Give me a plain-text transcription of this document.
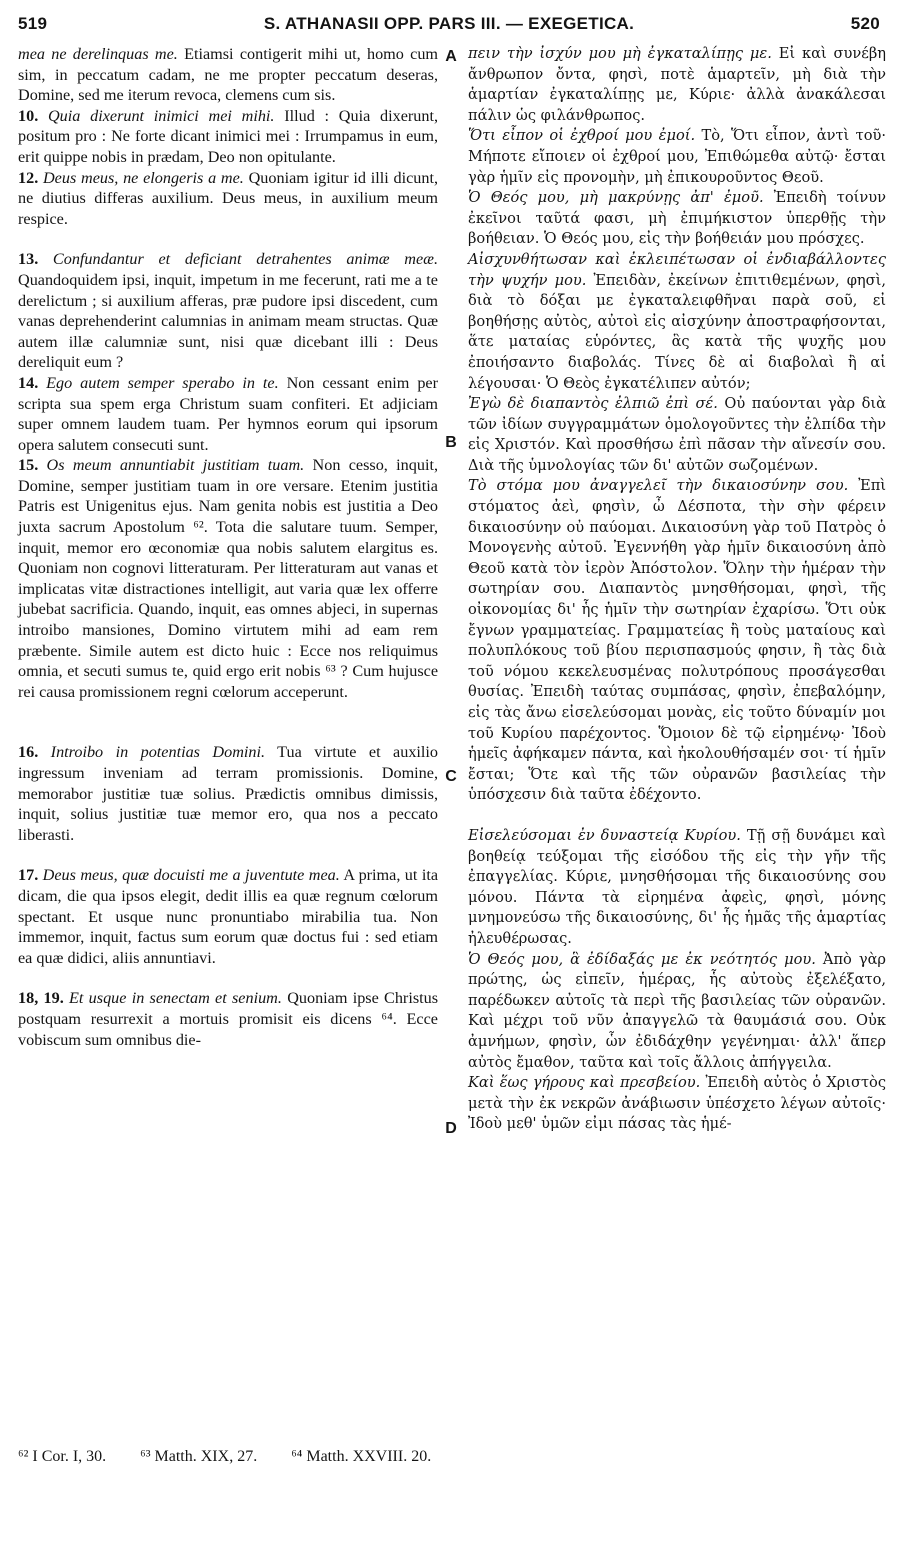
519	S. ATHANASII OPP. PARS III. — EXEGETICA.	520

mea ne derelinquas me. Etiamsi contigerit mihi ut, homo cum sim, in peccatum cadam, ne me propter peccatum deseras, Domine, sed me iterum revoca, clemens cum sis.

10. Quia dixerunt inimici mei mihi. Illud : Quia dixerunt, positum pro : Ne forte dicant inimici mei : Irrumpamus in eum, erit quippe nobis in prædam, Deo non opitulante.

12. Deus meus, ne elongeris a me. Quoniam igitur id illi dicunt, ne diutius differas auxilium. Deus meus, in auxilium meum respice.

13. Confundantur et deficiant detrahentes animæ meæ. Quandoquidem ipsi, inquit, impetum in me fecerunt, rati me a te derelictum ; si auxilium afferas, præ pudore ipsi discedent, cum vanas deprehenderint calumnias in animam meam structas. Quæ autem illæ calumniæ sunt, nisi quæ dicebant illi : Deus dereliquit eum ?

14. Ego autem semper sperabo in te. Non cessant enim per scripta sua spem erga Christum suam confiteri. Et adjiciam super omnem laudem tuam. Per hymnos eorum qui ipsorum opera salutem consecuti sunt.

15. Os meum annuntiabit justitiam tuam. Non cesso, inquit, Domine, semper justitiam tuam in ore versare. Etenim justitia Patris est Unigenitus ejus. Nam genita nobis est justitia a Deo juxta sacrum Apostolum ⁶². Tota die salutare tuum. Semper, inquit, memor ero œconomiæ qua nobis salutem elargitus es. Quoniam non cognovi litteraturam. Per litteraturam aut vanas et implicatas vitæ distractiones intelligit, aut varia quæ lex offerre jubebat sacrificia. Quando, inquit, eas omnes abjeci, in supernas introibo mansiones, Domino virtutem mihi ad eam rem præbente. Simile autem est dicto huic : Ecce nos reliquimus omnia, et secuti sumus te, quid ergo erit nobis ⁶³ ? Cum hujusce rei causa promissionem regni cœlorum acceperunt.

16. Introibo in potentias Domini. Tua virtute et auxilio ingressum inveniam ad terram promissionis. Domine, memorabor justitiæ tuæ solius. Prædictis omnibus dimissis, inquit, solius justitiæ tuæ memor ero, qua nos a peccato liberasti.

17. Deus meus, quæ docuisti me a juventute mea. A prima, ut ita dicam, die qua ipsos elegit, dedit illis ea quæ regnum cœlorum spectant. Et usque nunc pronuntiabo mirabilia tua. Non immemor, inquit, factus sum eorum quæ doctus fui : sed etiam ea quæ didici, aliis annuntiavi.

18, 19. Et usque in senectam et senium. Quoniam ipse Christus postquam resurrexit a mortuis promisit eis dicens ⁶⁴. Ecce vobiscum sum omnibus die-

A
B
C
D

πειν τὴν ἰσχύν μου μὴ ἐγκαταλίπῃς με. Εἰ καὶ συνέβη ἄνθρωπον ὄντα, φησὶ, ποτὲ ἁμαρτεῖν, μὴ διὰ τὴν ἁμαρτίαν ἐγκαταλίπῃς με, Κύριε· ἀλλὰ ἀνακάλεσαι πάλιν ὡς φιλάνθρωπος.

Ὅτι εἶπον οἱ ἐχθροί μου ἐμοί. Τὸ, Ὅτι εἶπον, ἀντὶ τοῦ· Μήποτε εἴποιεν οἱ ἐχθροί μου, Ἐπιθώμεθα αὐτῷ· ἔσται γὰρ ἡμῖν εἰς προνομὴν, μὴ ἐπικουροῦντος Θεοῦ.

Ὁ Θεός μου, μὴ μακρύνῃς ἀπ' ἐμοῦ. Ἐπειδὴ τοίνυν ἐκεῖνοι ταῦτά φασι, μὴ ἐπιμήκιστον ὑπερθῇς τὴν βοήθειαν. Ὁ Θεός μου, εἰς τὴν βοήθειάν μου πρόσχες.

Αἰσχυνθήτωσαν καὶ ἐκλειπέτωσαν οἱ ἐνδιαβάλλοντες τὴν ψυχήν μου. Ἐπειδὰν, ἐκείνων ἐπιτιθεμένων, φησὶ, διὰ τὸ δόξαι με ἐγκαταλειφθῆναι παρὰ σοῦ, εἰ βοηθήσῃς αὐτὸς, αὐτοὶ εἰς αἰσχύνην ἀποστραφήσονται, ἅτε ματαίας εὑρόντες, ἃς κατὰ τῆς ψυχῆς μου ἐποιήσαντο διαβολάς. Τίνες δὲ αἱ διαβολαὶ ἢ αἱ λέγουσαι· Ὁ Θεὸς ἐγκατέλιπεν αὐτόν;

Ἐγὼ δὲ διαπαντὸς ἐλπιῶ ἐπὶ σέ. Οὐ παύονται γὰρ διὰ τῶν ἰδίων συγγραμμάτων ὁμολογοῦντες τὴν ἐλπίδα τὴν εἰς Χριστόν. Καὶ προσθήσω ἐπὶ πᾶσαν τὴν αἴνεσίν σου. Διὰ τῆς ὑμνολογίας τῶν δι' αὐτῶν σωζομένων.

Τὸ στόμα μου ἀναγγελεῖ τὴν δικαιοσύνην σου. Ἐπὶ στόματος ἀεὶ, φησὶν, ὦ Δέσποτα, τὴν σὴν φέρειν δικαιοσύνην οὐ παύομαι. Δικαιοσύνη γὰρ τοῦ Πατρὸς ὁ Μονογενὴς αὐτοῦ. Ἐγεννήθη γὰρ ἡμῖν δικαιοσύνη ἀπὸ Θεοῦ κατὰ τὸν ἱερὸν Ἀπόστολον. Ὅλην τὴν ἡμέραν τὴν σωτηρίαν σου. Διαπαντὸς μνησθήσομαι, φησὶ, τῆς οἰκονομίας δι' ἧς ἡμῖν τὴν σωτηρίαν ἐχαρίσω. Ὅτι οὐκ ἔγνων γραμματείας. Γραμματείας ἢ τοὺς ματαίους καὶ πολυπλόκους τοῦ βίου περισπασμούς φησιν, ἢ τὰς διὰ τοῦ νόμου κεκελευσμένας πολυτρόπους προσάγεσθαι θυσίας. Ἐπειδὴ ταύτας συμπάσας, φησὶν, ἐπεβαλόμην, εἰς τὰς ἄνω εἰσελεύσομαι μονὰς, εἰς τοῦτο δύναμίν μοι τοῦ Κυρίου παρέχοντος. Ὅμοιον δὲ τῷ εἰρημένῳ· Ἰδοὺ ἡμεῖς ἀφήκαμεν πάντα, καὶ ἠκολουθήσαμέν σοι· τί ἡμῖν ἔσται; Ὅτε καὶ τῆς τῶν οὐρανῶν βασιλείας τὴν ὑπόσχεσιν διὰ ταῦτα ἐδέχοντο.

Εἰσελεύσομαι ἐν δυναστείᾳ Κυρίου. Τῇ σῇ δυνάμει καὶ βοηθείᾳ τεύξομαι τῆς εἰσόδου τῆς εἰς τὴν γῆν τῆς ἐπαγγελίας. Κύριε, μνησθήσομαι τῆς δικαιοσύνης σου μόνου. Πάντα τὰ εἰρημένα ἀφεὶς, φησὶ, μόνης μνημονεύσω τῆς δικαιοσύνης, δι' ἧς ἡμᾶς τῆς ἁμαρτίας ἠλευθέρωσας.

Ὁ Θεός μου, ἃ ἐδίδαξάς με ἐκ νεότητός μου. Ἀπὸ γὰρ πρώτης, ὡς εἰπεῖν, ἡμέρας, ἧς αὐτοὺς ἐξελέξατο, παρέδωκεν αὐτοῖς τὰ περὶ τῆς βασιλείας τῶν οὐρανῶν. Καὶ μέχρι τοῦ νῦν ἀπαγγελῶ τὰ θαυμάσιά σου. Οὐκ ἀμνήμων, φησὶν, ὧν ἐδιδάχθην γεγένημαι· ἀλλ' ἅπερ αὐτὸς ἔμαθον, ταῦτα καὶ τοῖς ἄλλοις ἀπήγγειλα.

Καὶ ἕως γήρους καὶ πρεσβείου. Ἐπειδὴ αὐτὸς ὁ Χριστὸς μετὰ τὴν ἐκ νεκρῶν ἀνάβιωσιν ὑπέσχετο λέγων αὐτοῖς· Ἰδοὺ μεθ' ὑμῶν εἰμι πάσας τὰς ἡμέ-

⁶² I Cor. I, 30. ⁶³ Matth. XIX, 27. ⁶⁴ Matth. XXVIII. 20.
